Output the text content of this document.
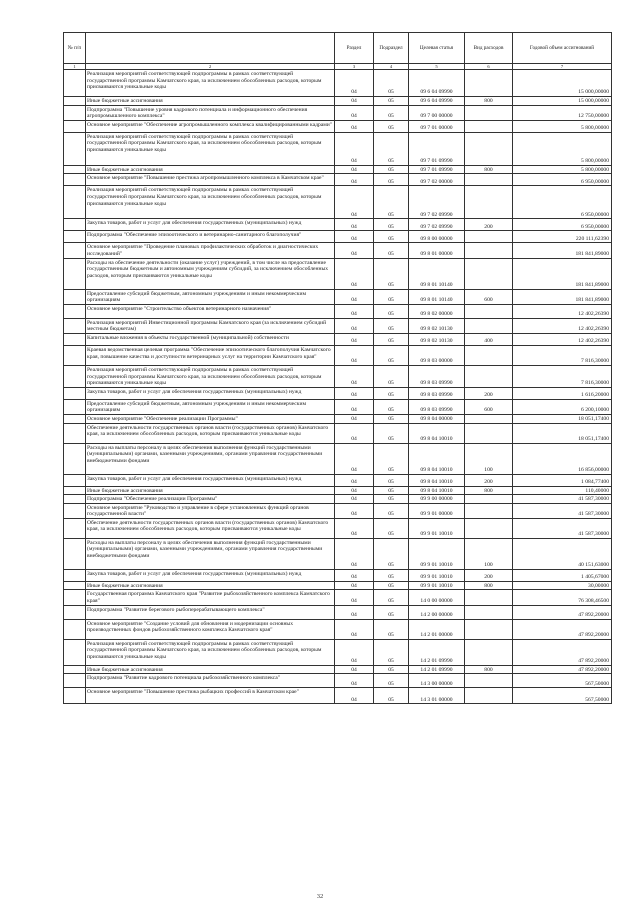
№ п/п		Раздел	Подраздел	Целевая статья	Вид расходов	Годовой объем ассигнований
1	2	3	4	5	6	7
	Реализация мероприятий соответствующей подпрограммы в рамках соответствующей государственной программы Камчатского края, за исключением обособленных расходов, которым присваиваются уникальные коды	04	05	09 6 04 09990		15 000,00000
	Иные бюджетные ассигнования	04	05	09 6 04 09990	800	15 000,00000
	Подпрограмма "Повышение уровня кадрового потенциала и информационного обеспечения агропромышленного комплекса"	04	05	09 7 00 00000		12 750,00000
	Основное мероприятие "Обеспечение агропромышленного комплекса квалифицированными кадрами"	04	05	09 7 01 00000		5 800,00000
	Реализация мероприятий соответствующей подпрограммы в рамках соответствующей государственной программы Камчатского края, за исключением обособленных расходов, которым присваиваются уникальные коды	04	05	09 7 01 09990		5 800,00000
	Иные бюджетные ассигнования	04	05	09 7 01 09990	800	5 800,00000
	Основное мероприятие "Повышение престижа агропромышленного комплекса в Камчатском крае"	04	05	09 7 02 00000		6 950,00000
	Реализация мероприятий соответствующей подпрограммы в рамках соответствующей государственной программы Камчатского края, за исключением обособленных расходов, которым присваиваются уникальные коды	04	05	09 7 02 09990		6 950,00000
	Закупка товаров, работ и услуг для обеспечения государственных (муниципальных) нужд	04	05	09 7 02 09990	200	6 950,00000
	Подпрограмма "Обеспечение эпизоотического и ветеринарно-санитарного благополучия"	04	05	09 8 00 00000		220 111,62390
	Основное мероприятие "Проведение плановых профилактических обработок и диагностических исследований"	04	05	09 8 01 00000		181 841,89000
	Расходы на обеспечение деятельности (оказание услуг) учреждений, в том числе на предоставление государственным бюджетным и автономным учреждениям субсидий, за исключением обособленных расходов, которым присваиваются уникальные коды	04	05	09 8 01 10140		181 841,89000
	Предоставление субсидий бюджетным, автономным учреждениям и иным некоммерческим организациям	04	05	09 8 01 10140	600	181 841,89000
	Основное мероприятие "Строительство объектов ветеринарного назначения"	04	05	09 8 02 00000		12 402,26390
	Реализация мероприятий Инвестиционной программы Камчатского края (за исключением субсидий местным бюджетам)	04	05	09 8 02 10130		12 402,26390
	Капитальные вложения в объекты государственной (муниципальной) собственности	04	05	09 8 02 10130	400	12 402,26390
	Краевая ведомственная целевая программа "Обеспечение эпизоотического благополучия Камчатского края, повышение качества и доступности ветеринарных услуг на территории Камчатского края"	04	05	09 8 03 00000		7 816,30000
	Реализация мероприятий соответствующей подпрограммы в рамках соответствующей государственной программы Камчатского края, за исключением обособленных расходов, которым присваиваются уникальные коды	04	05	09 8 03 09990		7 816,30000
	Закупка товаров, работ и услуг для обеспечения государственных (муниципальных) нужд	04	05	09 8 03 09990	200	1 616,20000
	Предоставление субсидий бюджетным, автономным учреждениям и иным некоммерческим организациям	04	05	09 8 03 09990	600	6 200,10000
	Основное мероприятие "Обеспечение реализации Программы"	04	05	09 8 04 00000		18 051,17400
	Обеспечение деятельности государственных органов власти (государственных органов) Камчатского края, за исключением обособленных расходов, которым присваиваются уникальные коды	04	05	09 8 04 10010		18 051,17400
	Расходы на выплаты персоналу в целях обеспечения выполнения функций государственными (муниципальными) органами, казенными учреждениями, органами управления государственными внебюджетными фондами	04	05	09 8 04 10010	100	16 856,00000
	Закупка товаров, работ и услуг для обеспечения государственных (муниципальных) нужд	04	05	09 8 04 10010	200	1 084,77400
	Иные бюджетные ассигнования	04	05	09 8 04 10010	800	110,40000
	Подпрограмма "Обеспечение реализации Программы"	04	05	09 9 00 00000		41 587,30000
	Основное мероприятие "Руководство и управление в сфере установленных функций органов государственной власти"	04	05	09 9 01 00000		41 587,30000
	Обеспечение деятельности государственных органов власти (государственных органов) Камчатского края, за исключением обособленных расходов, которым присваиваются уникальные коды	04	05	09 9 01 10010		41 587,30000
	Расходы на выплаты персоналу в целях обеспечения выполнения функций государственными (муниципальными) органами, казенными учреждениями, органами управления государственными внебюджетными фондами	04	05	09 9 01 10010	100	40 151,63000
	Закупка товаров, работ и услуг для обеспечения государственных (муниципальных) нужд	04	05	09 9 01 10010	200	1 405,67000
	Иные бюджетные ассигнования	04	05	09 9 01 10010	800	30,00000
	Государственная программа Камчатского края "Развитие рыбохозяйственного комплекса Камчатского края"	04	05	14 0 00 00000		76 308,46500
	Подпрограмма "Развитие берегового рыбоперерабатывающего комплекса"	04	05	14 2 00 00000		47 892,20000
	Основное мероприятие "Создание условий для обновления и модернизации основных производственных фондов рыбохозяйственного комплекса Камчатского края"	04	05	14 2 01 00000		47 892,20000
	Реализация мероприятий соответствующей подпрограммы в рамках соответствующей государственной программы Камчатского края, за исключением обособленных расходов, которым присваиваются уникальные коды	04	05	14 2 01 09990		47 892,20000
	Иные бюджетные ассигнования	04	05	14 2 01 09990	800	47 892,20000
	Подпрограмма "Развитие кадрового потенциала рыбохозяйственного комплекса"	04	05	14 3 00 00000		567,50000
	Основное мероприятие "Повышение престижа рыбацких профессий в Камчатском крае"	04	05	14 3 01 00000		567,50000
32
